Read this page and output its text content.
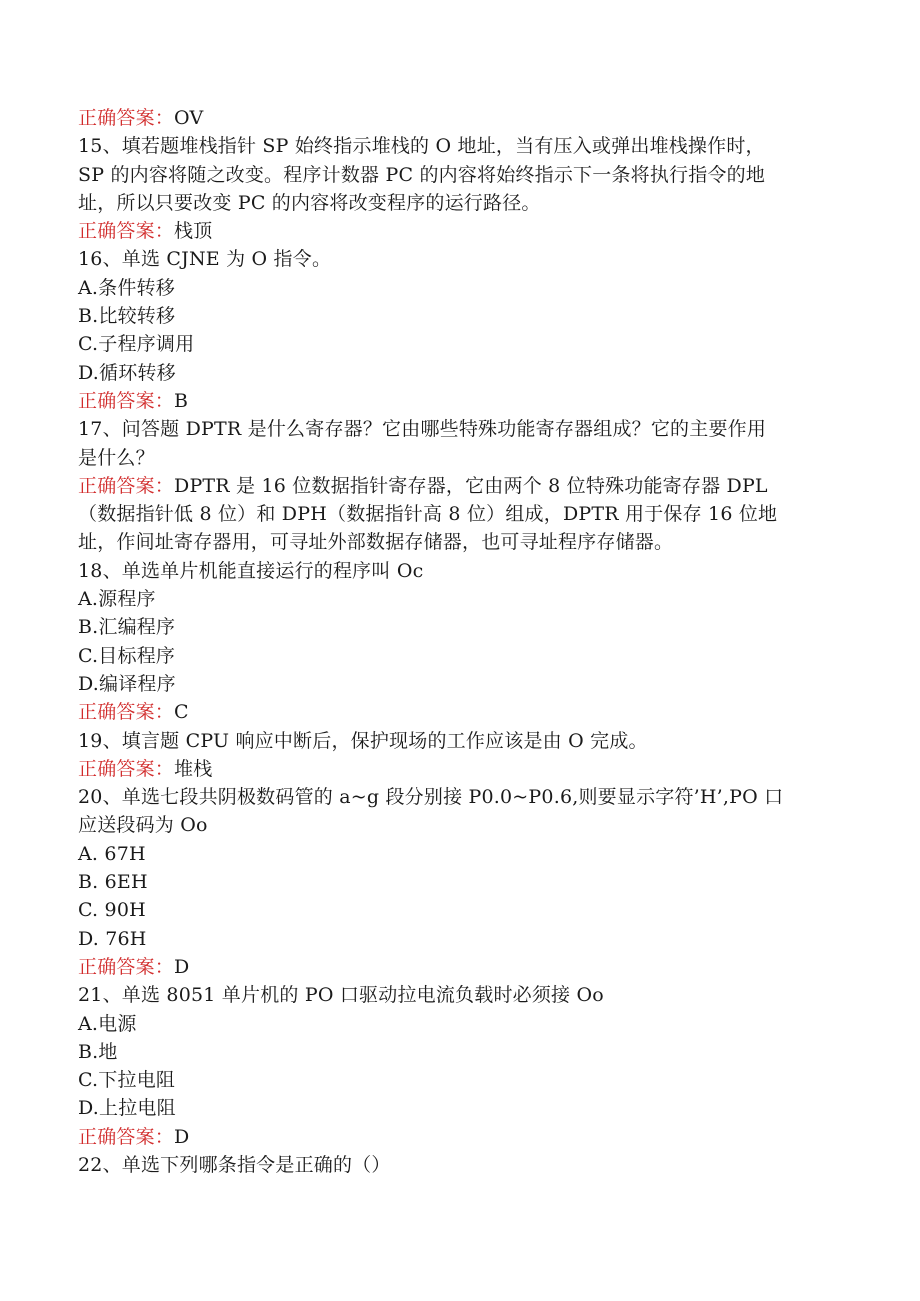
正确答案：OV
15、填若题堆栈指针 SP 始终指示堆栈的 O 地址，当有压入或弹出堆栈操作时，
SP 的内容将随之改变。程序计数器 PC 的内容将始终指示下一条将执行指令的地
址，所以只要改变 PC 的内容将改变程序的运行路径。
正确答案：栈顶
16、单选 CJNE 为 O 指令。
A.条件转移
B.比较转移
C.子程序调用
D.循环转移
正确答案：B
17、问答题 DPTR 是什么寄存器？它由哪些特殊功能寄存器组成？它的主要作用
是什么？
正确答案：DPTR 是 16 位数据指针寄存器，它由两个 8 位特殊功能寄存器 DPL
（数据指针低 8 位）和 DPH（数据指针高 8 位）组成，DPTR 用于保存 16 位地
址，作间址寄存器用，可寻址外部数据存储器，也可寻址程序存储器。
18、单选单片机能直接运行的程序叫 Oc
A.源程序
B.汇编程序
C.目标程序
D.编译程序
正确答案：C
19、填言题 CPU 响应中断后，保护现场的工作应该是由 O 完成。
正确答案：堆栈
20、单选七段共阴极数码管的 a~g 段分别接 P0.0~P0.6,则要显示字符’H’,PO 口
应送段码为 Oo
A. 67H
B. 6EH
C. 90H
D. 76H
正确答案：D
21、单选 8051 单片机的 PO 口驱动拉电流负载时必须接 Oo
A.电源
B.地
C.下拉电阻
D.上拉电阻
正确答案：D
22、单选下列哪条指令是正确的（）
